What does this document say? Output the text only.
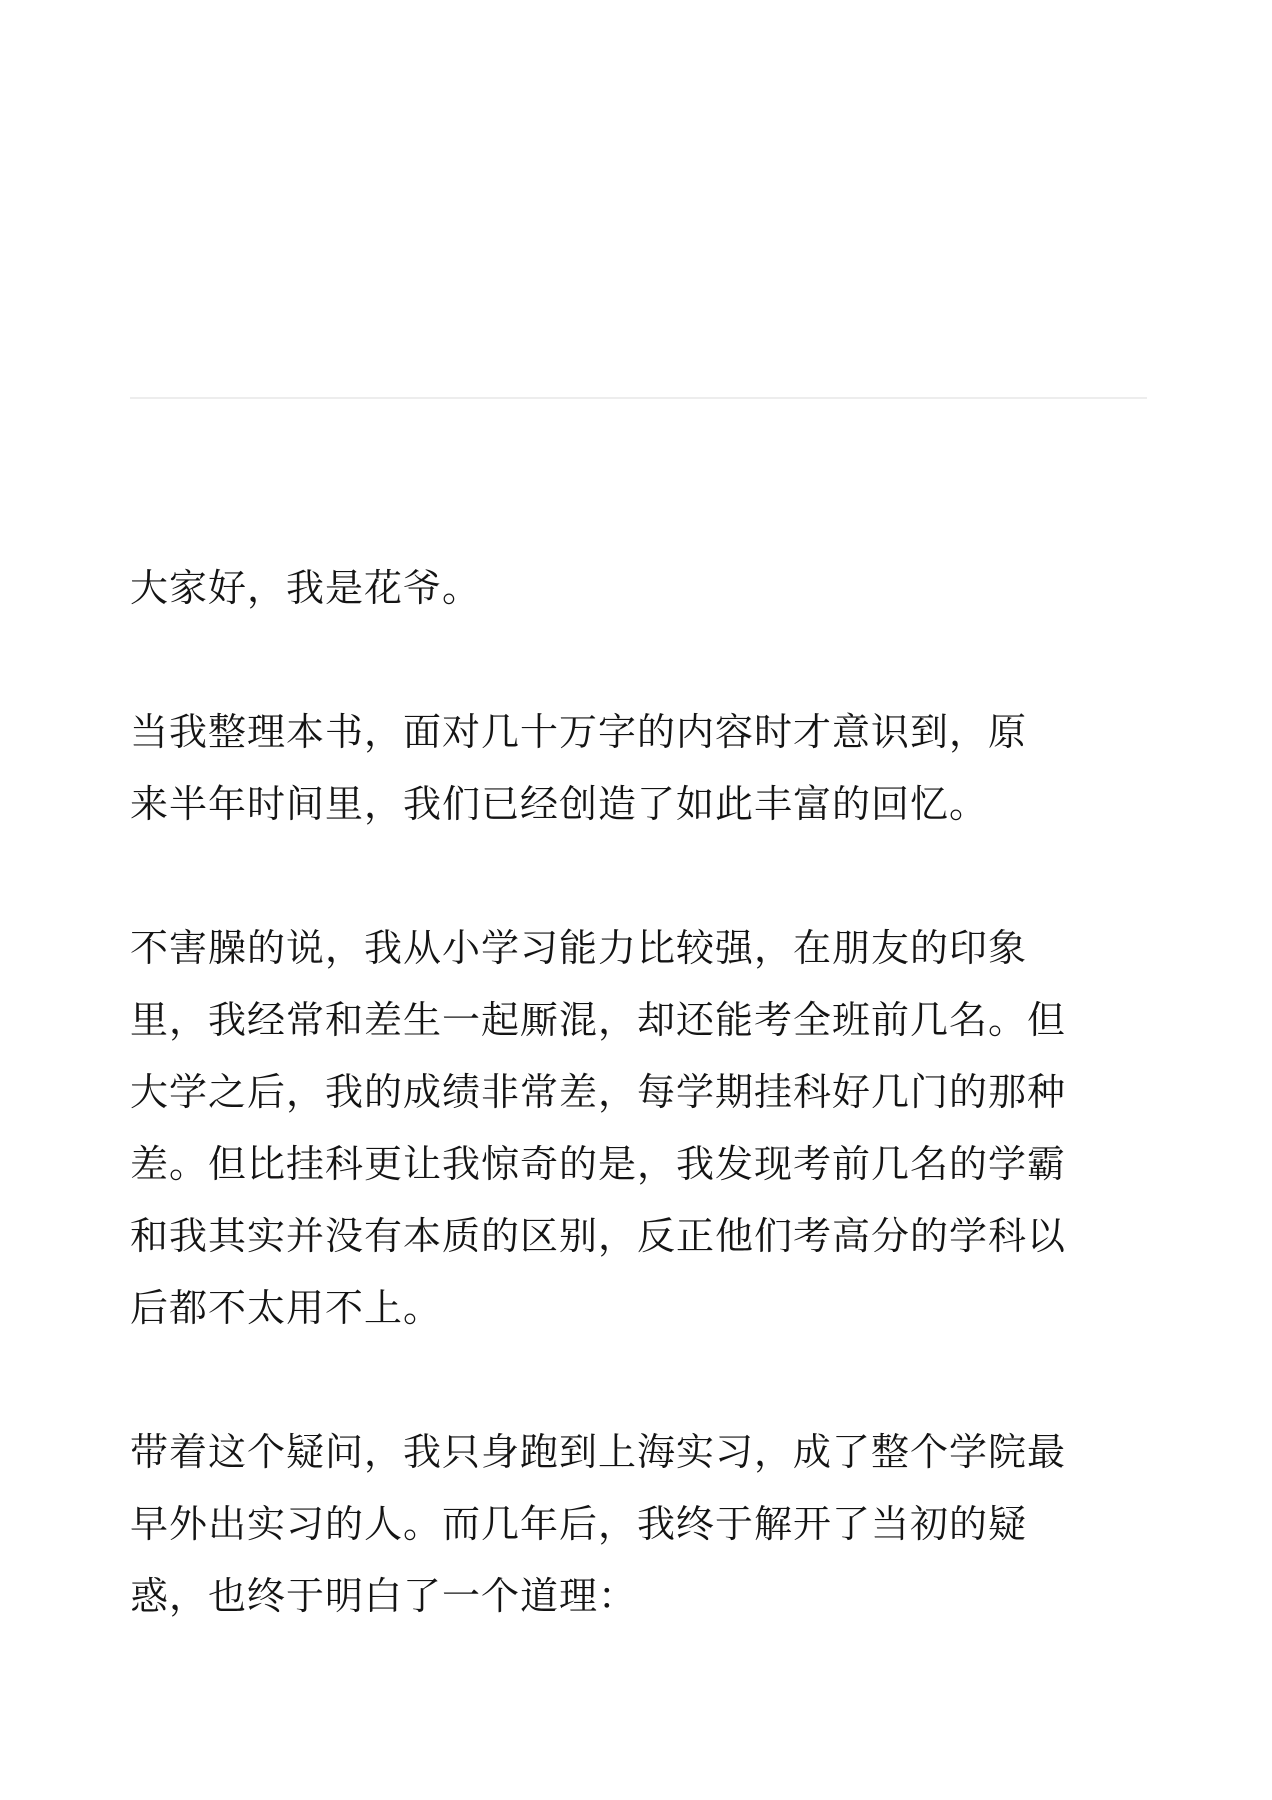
大家好，我是花爷。

当我整理本书，面对几十万字的内容时才意识到，原
来半年时间里，我们已经创造了如此丰富的回忆。

不害臊的说，我从小学习能力比较强，在朋友的印象
里，我经常和差生一起厮混，却还能考全班前几名。但
大学之后，我的成绩非常差，每学期挂科好几门的那种
差。但比挂科更让我惊奇的是，我发现考前几名的学霸
和我其实并没有本质的区别，反正他们考高分的学科以
后都不太用不上。

带着这个疑问，我只身跑到上海实习，成了整个学院最
早外出实习的人。而几年后，我终于解开了当初的疑
惑，也终于明白了一个道理：
